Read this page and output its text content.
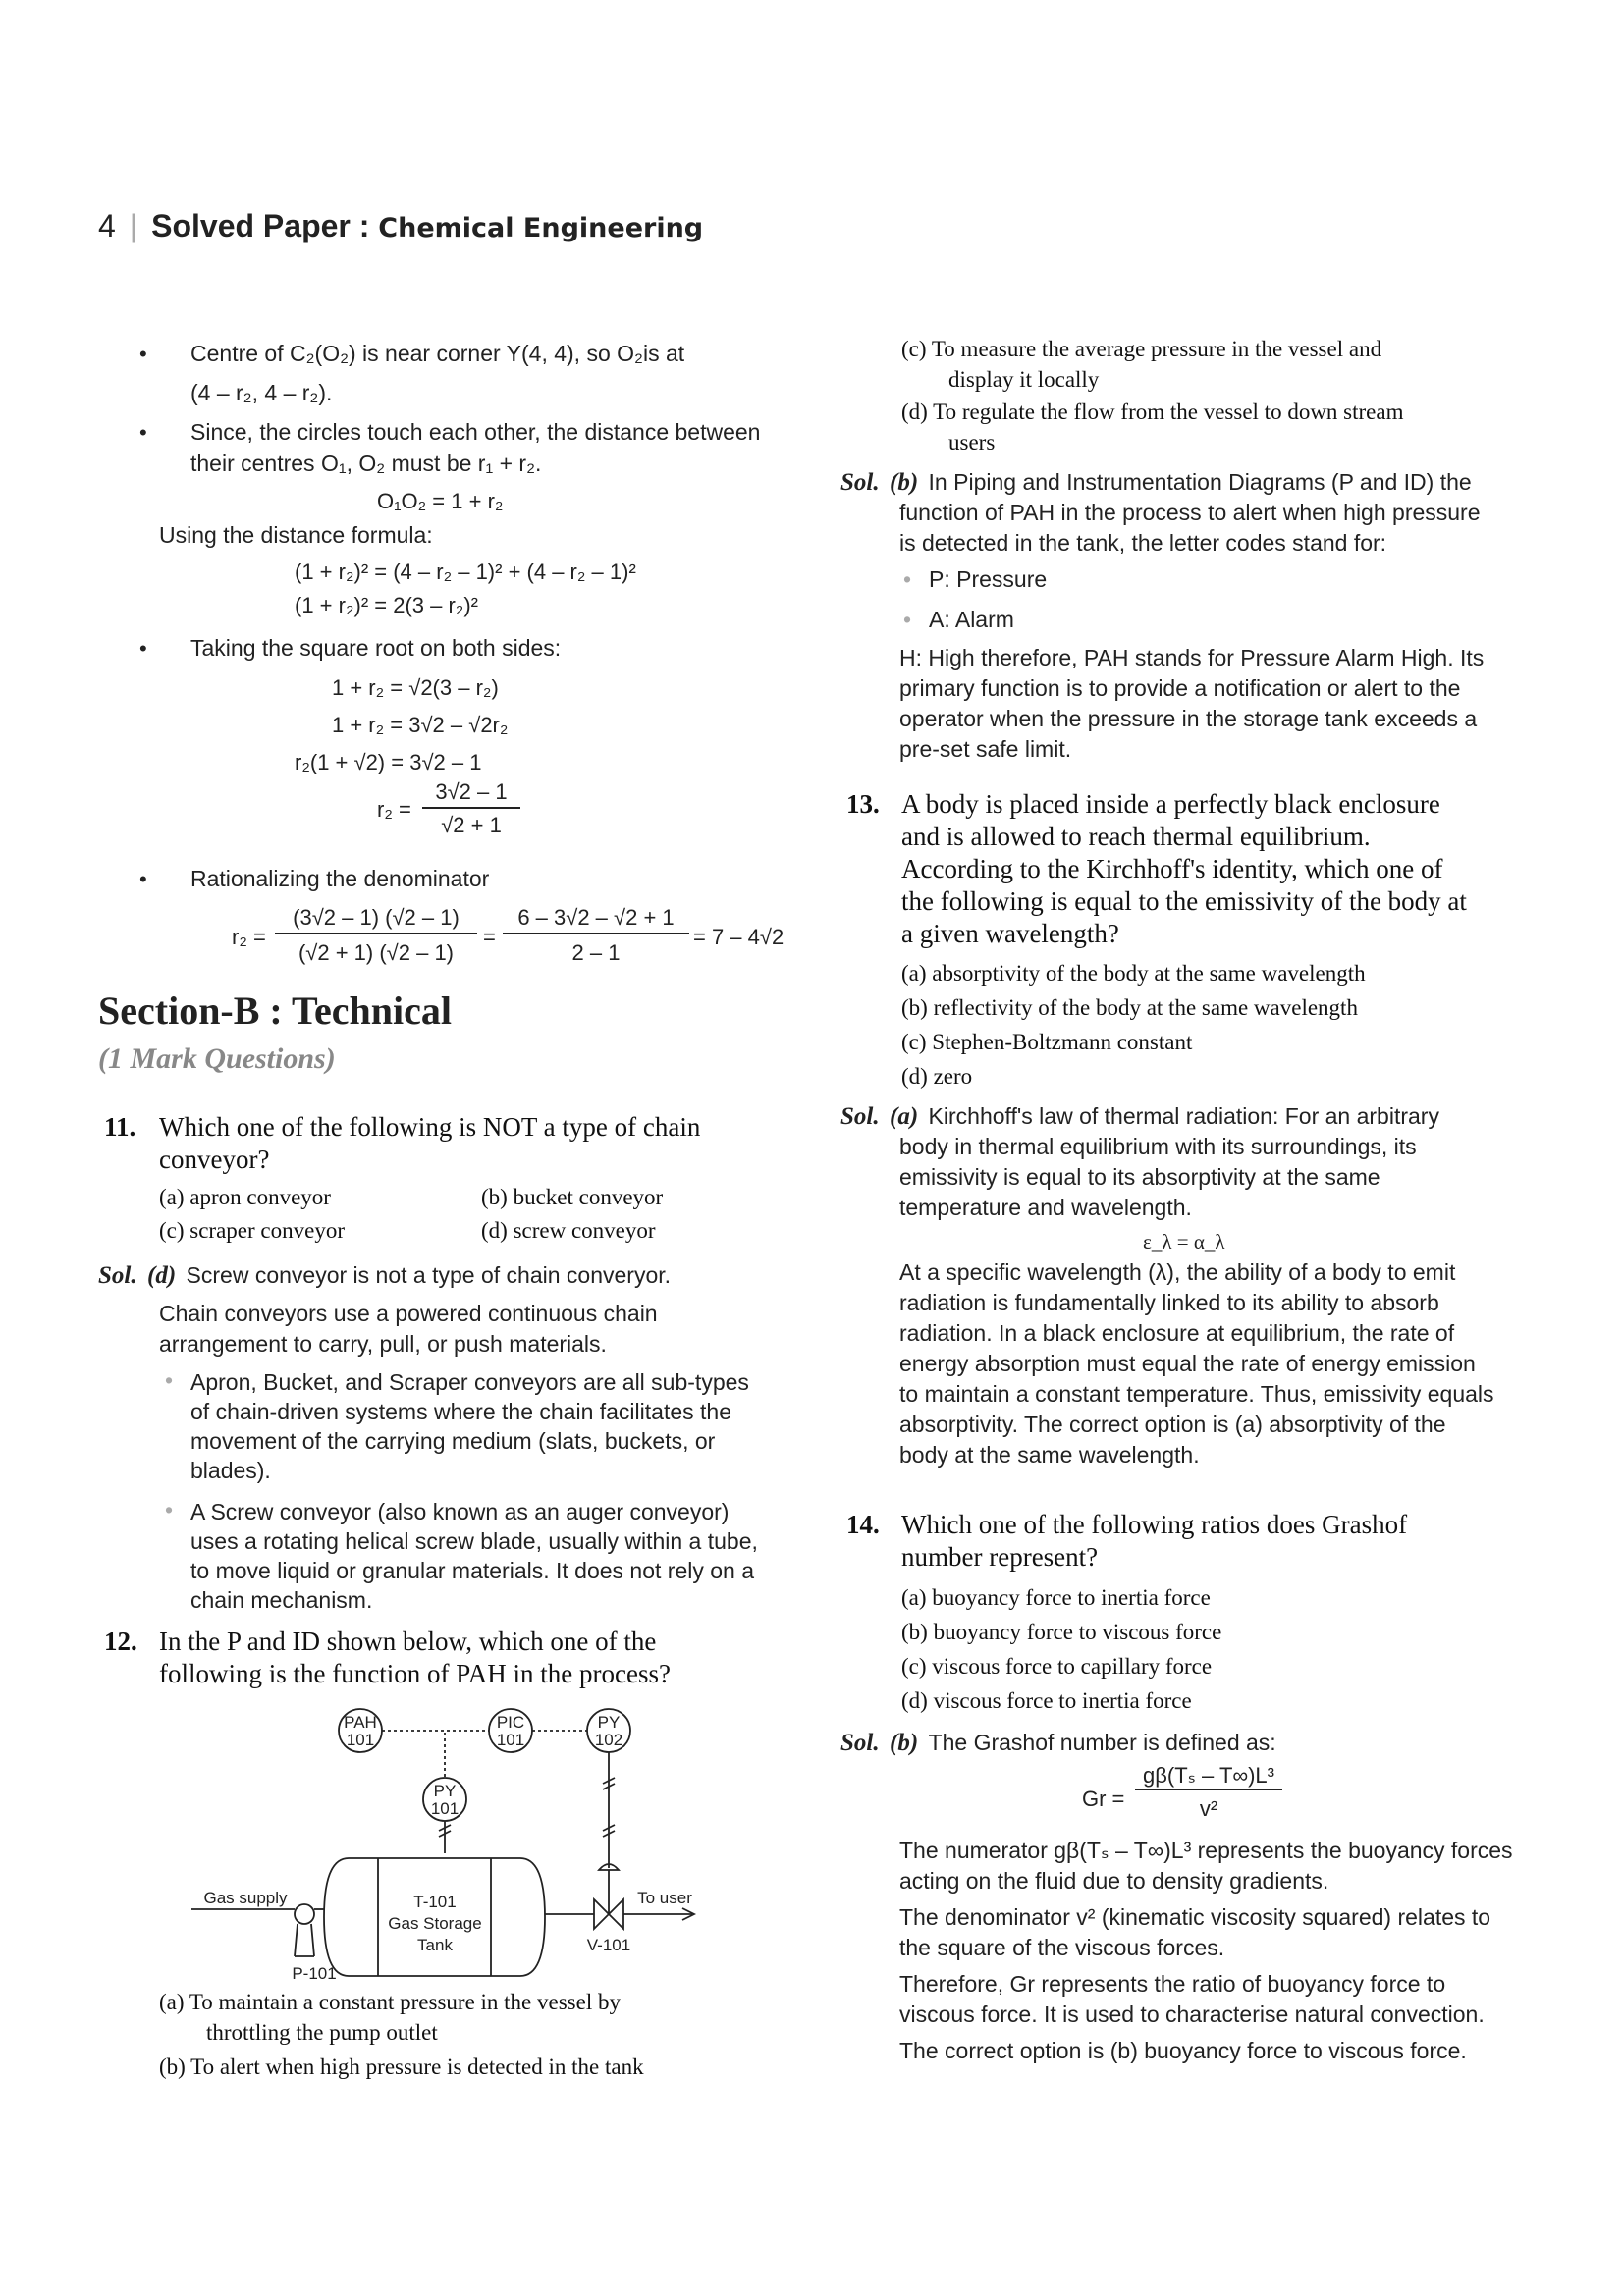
4 | Solved Paper : Chemical Engineering
• Centre of C₂(O₂) is near corner Y(4, 4), so O₂is at
(4 – r₂, 4 – r₂).
• Since, the circles touch each other, the distance between
their centres O₁, O₂ must be r₁ + r₂.
O₁O₂ = 1 + r₂
Using the distance formula:
(1 + r₂)² = (4 – r₂ – 1)² + (4 – r₂ – 1)²
(1 + r₂)² = 2(3 – r₂)²
• Taking the square root on both sides:
1 + r₂ = √2(3 – r₂)
1 + r₂ = 3√2 – √2r₂
r₂(1 + √2) = 3√2 – 1
r₂ =
3√2 – 1
√2 + 1
• Rationalizing the denominator
r₂ =
(3√2 – 1) (√2 – 1)
(√2 + 1) (√2 – 1)
=
6 – 3√2 – √2 + 1
2 – 1
= 7 – 4√2
Section-B : Technical
(1 Mark Questions)
11. Which one of the following is NOT a type of chain
conveyor?
(a) apron conveyor	(b) bucket conveyor
(c) scraper conveyor	(d) screw conveyor
Sol. (d) Screw conveyor is not a type of chain converyor.
Chain conveyors use a powered continuous chain
arrangement to carry, pull, or push materials.
• Apron, Bucket, and Scraper conveyors are all sub-types
of chain-driven systems where the chain facilitates the
movement of the carrying medium (slats, buckets, or
blades).
• A Screw conveyor (also known as an auger conveyor)
uses a rotating helical screw blade, usually within a tube,
to move liquid or granular materials. It does not rely on a
chain mechanism.
12. In the P and ID shown below, which one of the
following is the function of PAH in the process?
PAH
101
PIC
101
PY
102
PY
101
Gas supply
P-101
T-101
Gas Storage
Tank
To user
V-101
(a) To maintain a constant pressure in the vessel by
throttling the pump outlet
(b) To alert when high pressure is detected in the tank
(c) To measure the average pressure in the vessel and
display it locally
(d) To regulate the flow from the vessel to down stream
users
Sol. (b) In Piping and Instrumentation Diagrams (P and ID) the
function of PAH in the process to alert when high pressure
is detected in the tank, the letter codes stand for:
• P: Pressure
• A: Alarm
H: High therefore, PAH stands for Pressure Alarm High. Its
primary function is to provide a notification or alert to the
operator when the pressure in the storage tank exceeds a
pre-set safe limit.
13. A body is placed inside a perfectly black enclosure
and is allowed to reach thermal equilibrium.
According to the Kirchhoff's identity, which one of
the following is equal to the emissivity of the body at
a given wavelength?
(a) absorptivity of the body at the same wavelength
(b) reflectivity of the body at the same wavelength
(c) Stephen-Boltzmann constant
(d) zero
Sol. (a) Kirchhoff's law of thermal radiation: For an arbitrary
body in thermal equilibrium with its surroundings, its
emissivity is equal to its absorptivity at the same
temperature and wavelength.
ε_λ = α_λ
At a specific wavelength (λ), the ability of a body to emit
radiation is fundamentally linked to its ability to absorb
radiation. In a black enclosure at equilibrium, the rate of
energy absorption must equal the rate of energy emission
to maintain a constant temperature. Thus, emissivity equals
absorptivity. The correct option is (a) absorptivity of the
body at the same wavelength.
14. Which one of the following ratios does Grashof
number represent?
(a) buoyancy force to inertia force
(b) buoyancy force to viscous force
(c) viscous force to capillary force
(d) viscous force to inertia force
Sol. (b) The Grashof number is defined as:
Gr =
gβ(Tₛ – T∞)L³
v²
The numerator gβ(Tₛ – T∞)L³ represents the buoyancy forces
acting on the fluid due to density gradients.
The denominator v² (kinematic viscosity squared) relates to
the square of the viscous forces.
Therefore, Gr represents the ratio of buoyancy force to
viscous force. It is used to characterise natural convection.
The correct option is (b) buoyancy force to viscous force.
